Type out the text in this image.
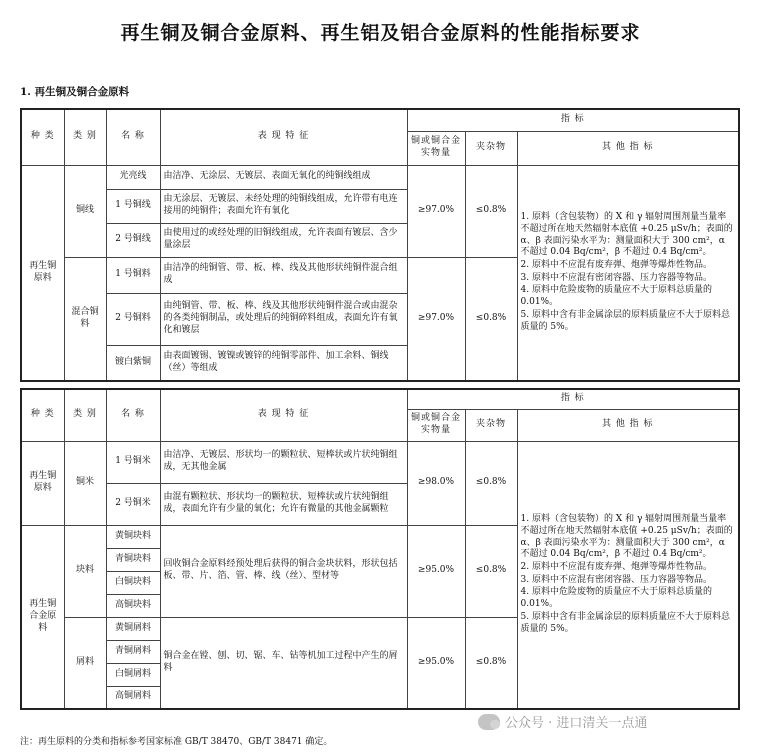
再生铜及铜合金原料、再生铝及铝合金原料的性能指标要求
1. 再生铜及铜合金原料
种 类	类 别	名 称	表 现 特 征	指 标		
				铜或铜合金实物量	夹杂物	其 他 指 标
再生铜原料	铜线	光亮线	由洁净、无涂层、无镀层、表面无氧化的纯铜线组成	≥97.0%	≤0.8%	1. 原料（含包装物）的 X 和 γ 辐射周围剂量当量率不超过所在地天然辐射本底值 +0.25 μSv/h；表面的 α、β 表面污染水平为：测量面积大于 300 cm²，α 不超过 0.04 Bq/cm²，β 不超过 0.4 Bq/cm²。
2. 原料中不应混有废弃弹、炮弹等爆炸性物品。
3. 原料中不应混有密闭容器、压力容器等物品。
4. 原料中危险废物的质量应不大于原料总质量的 0.01%。
5. 原料中含有非金属涂层的原料质量应不大于原料总质量的 5%。

		1 号铜线	由无涂层、无镀层、未经处理的纯铜线组成，允许带有电连接用的纯铜件；表面允许有氧化			
		2 号铜线	由使用过的或经处理的旧铜线组成，允许表面有镀层、含少量涂层			
	混合铜料	1 号铜料	由洁净的纯铜管、带、板、棒、线及其他形状纯铜件混合组成	≥97.0%	≤0.8%	
		2 号铜料	由纯铜管、带、板、棒、线及其他形状纯铜件混合或由混杂的各类纯铜制品，或处理后的纯铜碎料组成，表面允许有氧化和镀层			
		镀白紫铜	由表面镀锡、镀镍或镀锌的纯铜零部件、加工余料、铜线（丝）等组成			
种 类	类 别	名 称	表 现 特 征	指 标		
				铜或铜合金实物量	夹杂物	其 他 指 标
再生铜原料	铜米	1 号铜米	由洁净、无镀层、形状均一的颗粒状、短棒状或片状纯铜组成，无其他金属	≥98.0%	≤0.8%	1. 原料（含包装物）的 X 和 γ 辐射周围剂量当量率不超过所在地天然辐射本底值 +0.25 μSv/h；表面的 α、β 表面污染水平为：测量面积大于 300 cm²，α 不超过 0.04 Bq/cm²，β 不超过 0.4 Bq/cm²。
2. 原料中不应混有废弃弹、炮弹等爆炸性物品。
3. 原料中不应混有密闭容器、压力容器等物品。
4. 原料中危险废物的质量应不大于原料总质量的 0.01%。
5. 原料中含有非金属涂层的原料质量应不大于原料总质量的 5%。

		2 号铜米	由混有颗粒状、形状均一的颗粒状、短棒状或片状纯铜组成，表面允许有少量的氧化；允许有微量的其他金属颗粒			
再生铜合金原料	块料	黄铜块料	回收铜合金原料经预处理后获得的铜合金块状料，形状包括板、带、片、箔、管、棒、线（丝）、型材等	≥95.0%	≤0.8%	
		青铜块料				
		白铜块料				
		高铜块料				
	屑料	黄铜屑料	铜合金在镗、刨、切、锯、车、钻等机加工过程中产生的屑料	≥95.0%	≤0.8%	
		青铜屑料				
		白铜屑料				
		高铜屑料				
公众号 · 进口清关一点通
注：再生原料的分类和指标参考国家标准 GB/T 38470、GB/T 38471 确定。
